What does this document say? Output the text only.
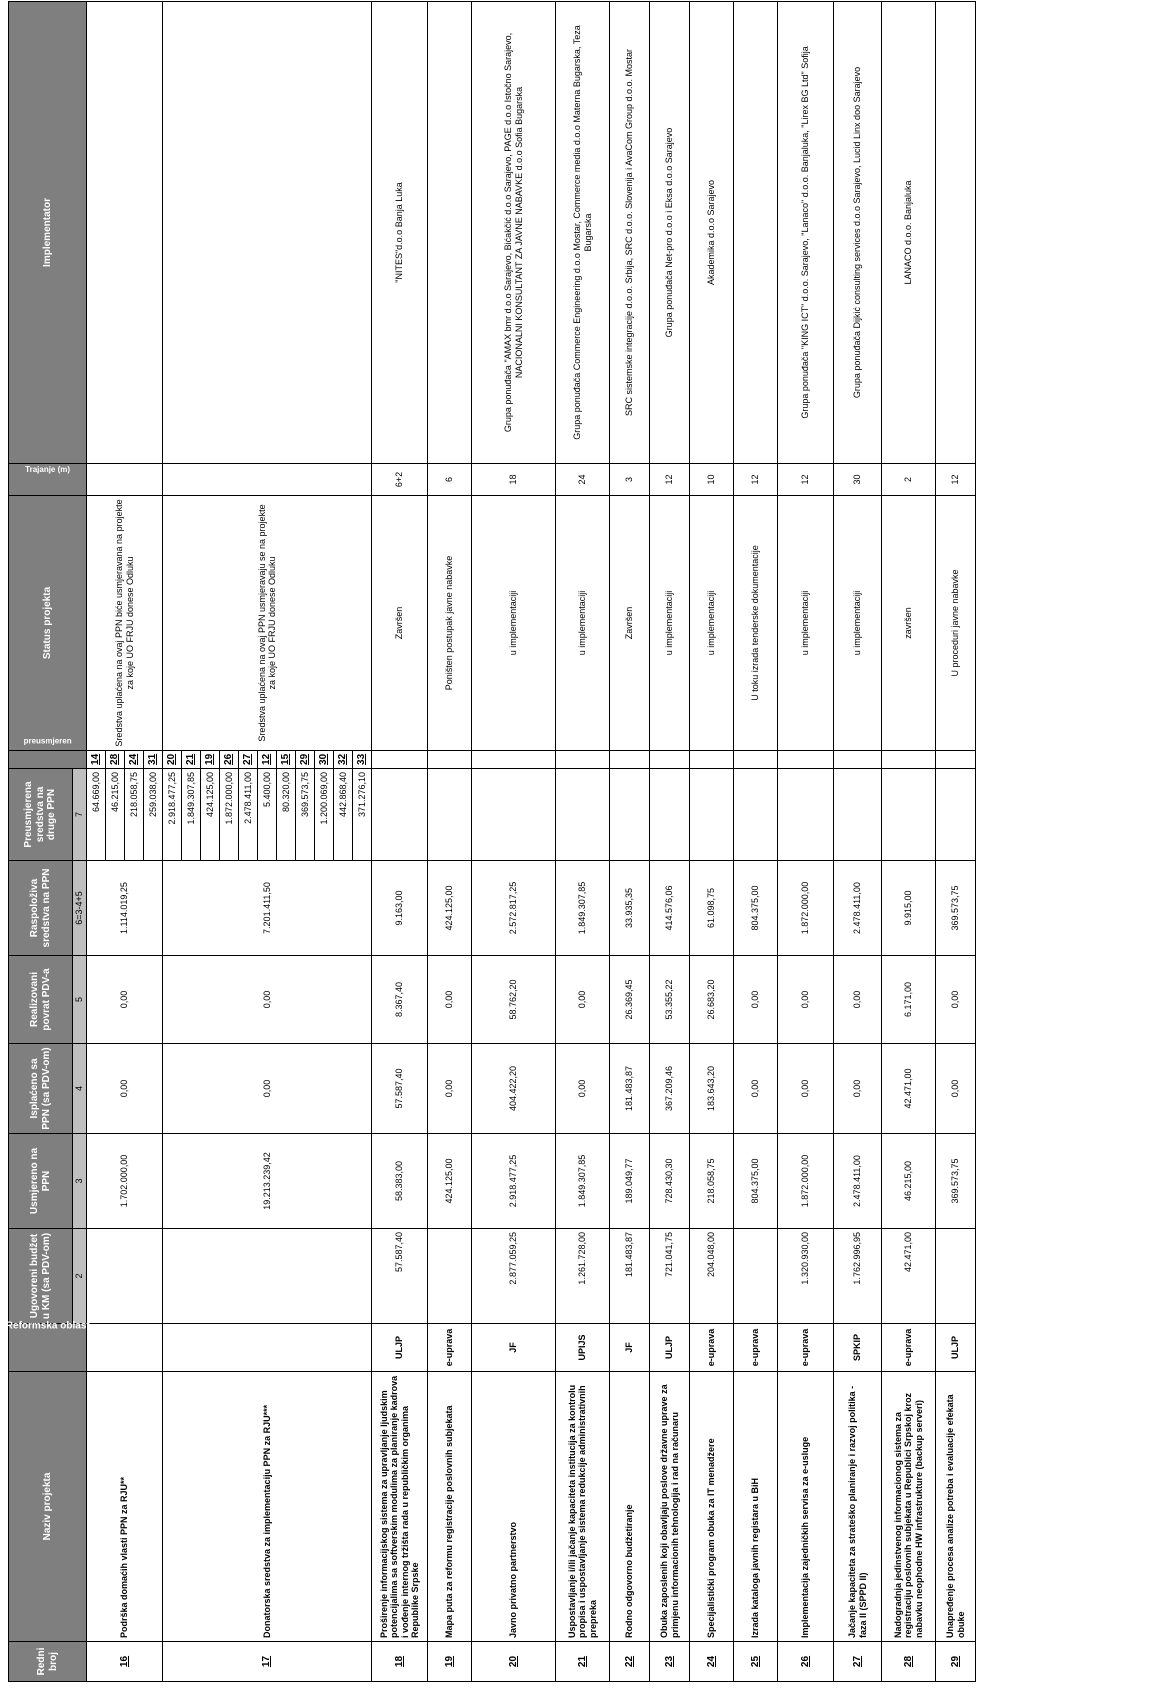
Redni broj	Naziv projekta	Reformska oblast	Ugovoreni budžet u KM (sa PDV-om)	Usmjereno na PPN	Isplaćeno sa PPN (sa PDV-om)	Realizovani povrat PDV-a	Raspoloživa sredstva na PPN	Preusmjerena sredstva na druge PPN	preusmjeren	Status projekta	Trajanje (m)	Implementator
			2	3	4	5	6=3-4+5	7				
16	Podrška domaćih vlasti PPN za RJU**			1.702.000,00	0,00	0,00	1.114.019,25	64.669,00	14	Sredstva uplaćena na ovaj PPN biće usmjeravana na projekte za koje UO FRJU donese Odluku		
								46.215,00	28			
								218.058,75	24			
								259.038,00	31			
17	Donatorska sredstva za implementaciju PPN za RJU***			19.213.239,42	0,00	0,00	7.201.411,50	2.918.477,25	20	Sredstva uplaćena na ovaj PPN usmjeravaju se na projekte za koje UO FRJU donese Odluku		
								1.849.307,85	21			
								424.125,00	19			
								1.872.000,00	26			
								2.478.411,00	27			
								5.400,00	12			
								80.320,00	15			
								369.573,75	29			
								1.200.069,00	30			
								442.868,40	32			
								371.276,10	33			
18	Proširenje informacijskog sistema za upravljanje ljudskim potencijalima sa softverskim modulima za planiranje kadrova i vođenje internog tržišta rada u republičkim organima Republike Srpske	ULJP	57.587,40	58.383,00	57.587,40	8.367,40	9.163,00			Završen	6+2	"NITES"d.o.o Banja Luka
19	Mapa puta za reformu registracije poslovnih subjekata	e-uprava		424.125,00	0,00	0,00	424.125,00			Poništen postupak javne nabavke	6	
20	Javno privatno partnerstvo	JF	2.877.059,25	2.918.477,25	404.422,20	58.762,20	2.572.817,25			u implementaciji	18	Grupa ponuđača "AMAX bmr d.o.o Sarajevo, Bićakčić d.o.o Sarajevo, PAGE d.o.o Istočno Sarajevo, NACIONALNI KONSULTANT ZA JAVNE NABAVKE d.o.o Sofia Bugarska
21	Uspostavljanje i/ili jačanje kapaciteta institucija za kontrolu propisa i uspostavljanje sistema redukcije administrativnih prepreka	UPIJS	1.261.728,00	1.849.307,85	0,00	0,00	1.849.307,85			u implementaciji	24	Grupa ponuđača Commerce Engineering d.o.o Mostar, Commerce media d.o.o Materna Bugarska, Teza Bugarska
22	Rodno odgovorno budžetiranje	JF	181.483,87	189.049,77	181.483,87	26.369,45	33.935,35			Završen	3	SRC sistemske integracije d.o.o. Srbija, SRC d.o.o. Slovenija i AvaCom Group d.o.o. Mostar
23	Obuka zaposlenih koji obavljaju poslove državne uprave za primjenu informacionih tehnologija i rad na računaru	ULJP	721.041,75	728.430,30	367.209,46	53.355,22	414.576,06			u implementaciji	12	Grupa ponuđača Net-pro d.o.o i Eksa d.o.o Sarajevo
24	Specijalistički program obuka za IT menadžere	e-uprava	204.048,00	218.058,75	183.643,20	26.683,20	61.098,75			u implementaciji	10	Akademika d.o.o Sarajevo
25	Izrada kataloga javnih registara u BiH	e-uprava		804.375,00	0,00	0,00	804.375,00			U toku izrada tenderske dokumentacije	12	
26	Implementacija zajedničkih servisa za e-usluge	e-uprava	1.320.930,00	1.872.000,00	0,00	0,00	1.872.000,00			u implementaciji	12	Grupa ponuđača "KING ICT" d.o.o. Sarajevo, "Lanaco" d.o.o. Banjaluka, "Lirex BG Ltd" Sofija
27	Jačanje kapaciteta za strateško planiranje i razvoj politika - faza II (SPPD II)	SPKIP	1.762.996,95	2.478.411,00	0,00	0,00	2.478.411,00			u implementaciji	30	Grupa ponuđača Dijkić consulting services d.o.o Sarajevo, Lucid Linx doo Sarajevo
28	Nadogradnja jedinstvenog informacionog sistema za registraciju poslovnih subjekata u Republici Srpskoj kroz nabavku neophodne HW infrastrukture (backup serveri)	e-uprava	42.471,00	46.215,00	42.471,00	6.171,00	9.915,00			završen	2	LANACO d.o.o. Banjaluka
29	Unapređenje procesa analize potreba i evaluacije efekata obuke	ULJP		369.573,75	0,00	0,00	369.573,75			U proceduri javne nabavke	12	
